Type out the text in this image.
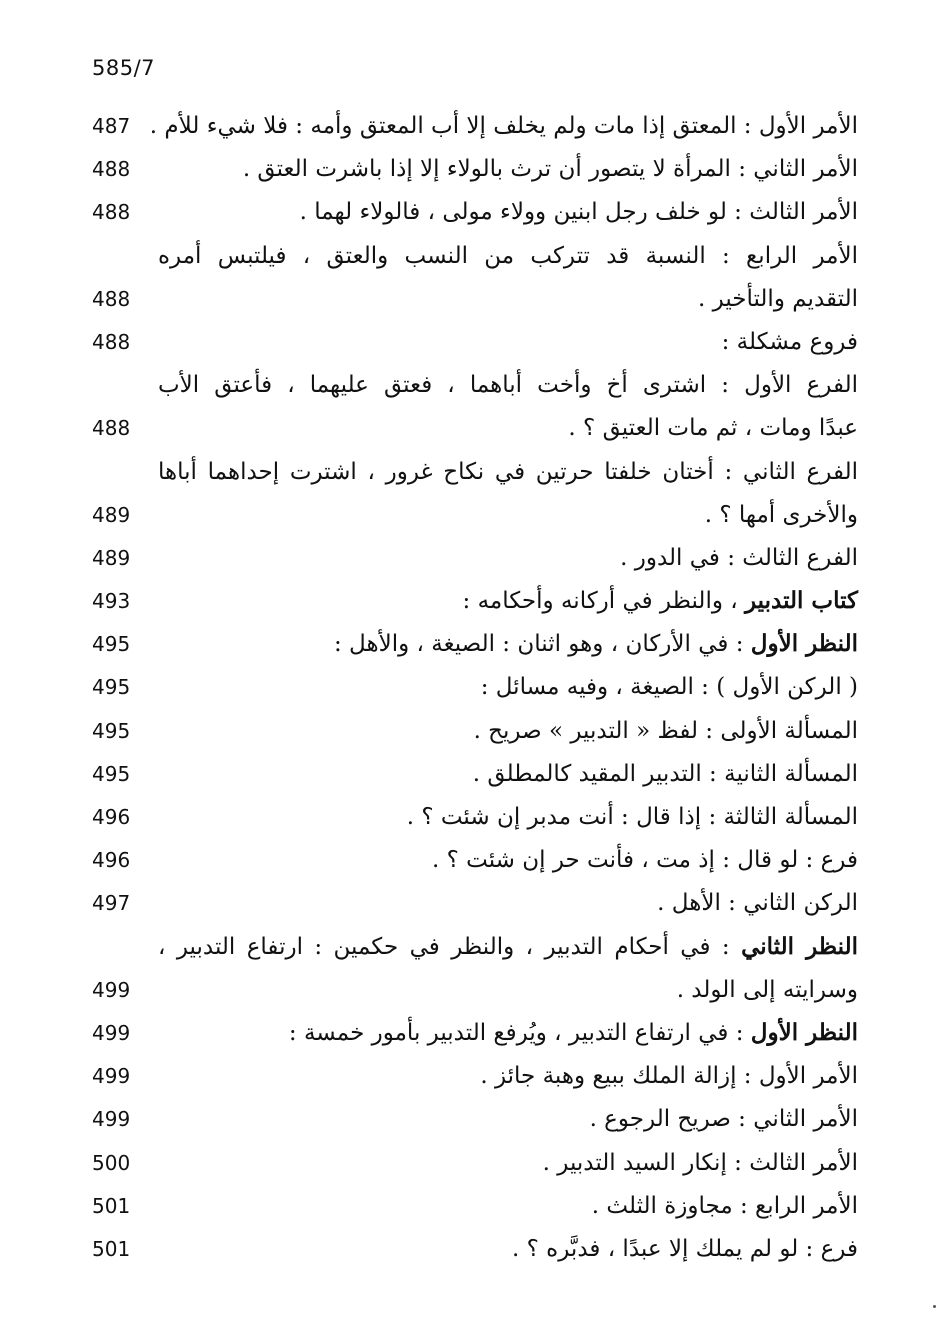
585/7
الأمر الأول : المعتق إذا مات ولم يخلف إلا أب المعتق وأمه : فلا شيء للأم .
487
الأمر الثاني : المرأة لا يتصور أن ترث بالولاء إلا إذا باشرت العتق .
488
الأمر الثالث : لو خلف رجل ابنين وولاء مولى ، فالولاء لهما .
488
الأمر الرابع : النسبة قد تتركب من النسب والعتق ، فيلتبس أمره
التقديم والتأخير .
488
فروع مشكلة :
488
الفرع الأول : اشترى أخ وأخت أباهما ، فعتق عليهما ، فأعتق الأب
عبدًا ومات ، ثم مات العتيق ؟ .
488
الفرع الثاني : أختان خلفتا حرتين في نكاح غرور ، اشترت إحداهما أباها
والأخرى أمها ؟ .
489
الفرع الثالث : في الدور .
489
كتاب التدبير ، والنظر في أركانه وأحكامه :
493
النظر الأول : في الأركان ، وهو اثنان : الصيغة ، والأهل :
495
( الركن الأول ) : الصيغة ، وفيه مسائل :
495
المسألة الأولى : لفظ « التدبير » صريح .
495
المسألة الثانية : التدبير المقيد كالمطلق .
495
المسألة الثالثة : إذا قال : أنت مدبر إن شئت ؟ .
496
فرع : لو قال : إذ مت ، فأنت حر إن شئت ؟ .
496
الركن الثاني : الأهل .
497
النظر الثاني : في أحكام التدبير ، والنظر في حكمين : ارتفاع التدبير ،
وسرايته إلى الولد .
499
النظر الأول : في ارتفاع التدبير ، ويُرفع التدبير بأمور خمسة :
499
الأمر الأول : إزالة الملك ببيع وهبة جائز .
499
الأمر الثاني : صريح الرجوع .
499
الأمر الثالث : إنكار السيد التدبير .
500
الأمر الرابع : مجاوزة الثلث .
501
فرع : لو لم يملك إلا عبدًا ، فدبَّره ؟ .
501
